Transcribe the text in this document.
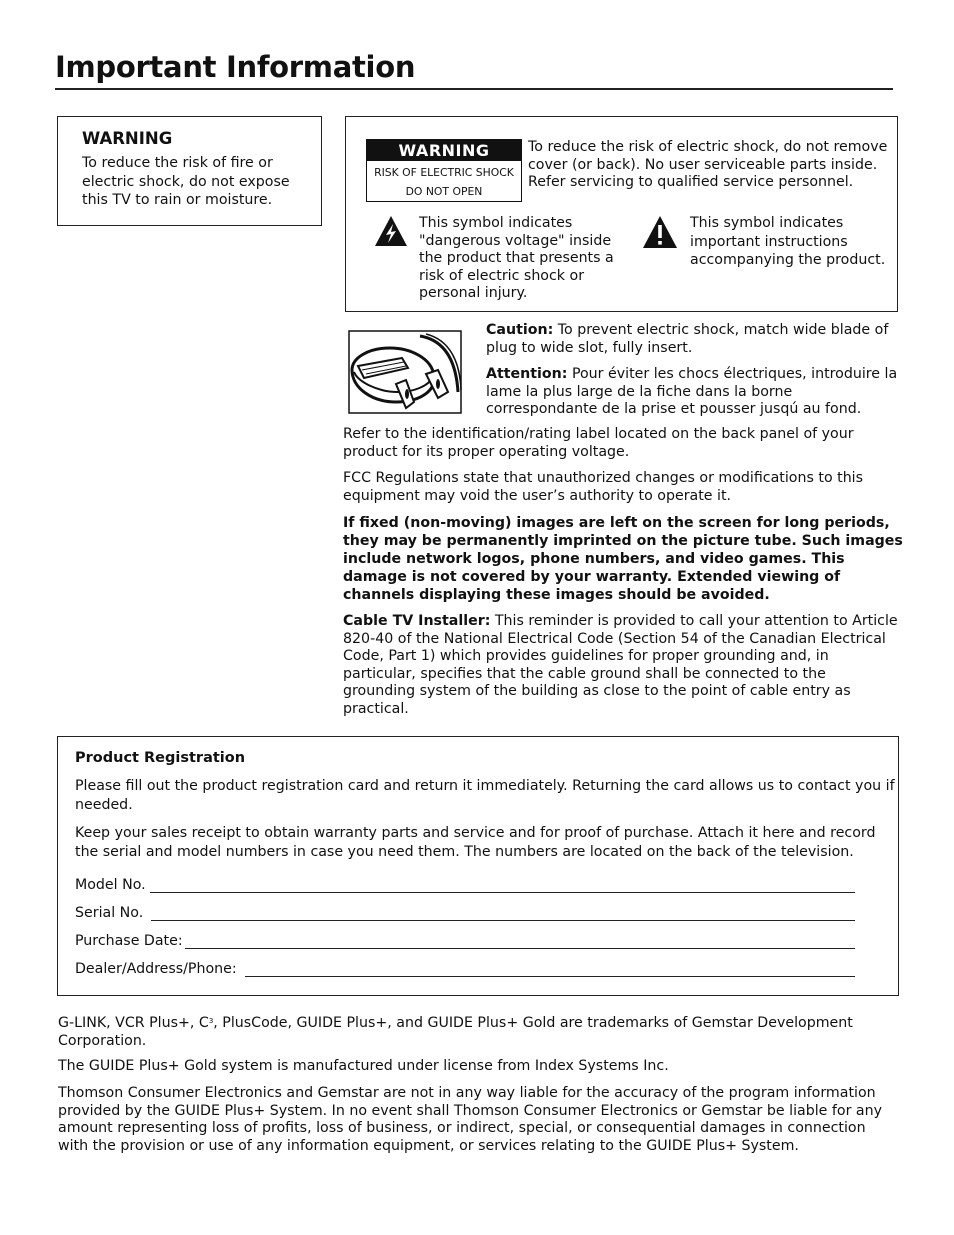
Important Information
WARNING
To reduce the risk of fire or electric shock, do not expose this TV to rain or moisture.
WARNING
RISK OF ELECTRIC SHOCK
DO NOT OPEN
To reduce the risk of electric shock, do not remove cover (or back). No user serviceable parts inside. Refer servicing to qualified service personnel.
This symbol indicates "dangerous voltage" inside the product that presents a risk of electric shock or personal injury.
This symbol indicates important instructions accompanying the product.
Caution: To prevent electric shock, match wide blade of plug to wide slot, fully insert.
Attention: Pour éviter les chocs électriques, introduire la lame la plus large de la fiche dans la borne correspondante de la prise et pousser jusqú au fond.
Refer to the identification/rating label located on the back panel of your product for its proper operating voltage.
FCC Regulations state that unauthorized changes or modifications to this equipment may void the user’s authority to operate it.
If fixed (non-moving) images are left on the screen for long periods, they may be permanently imprinted on the picture tube. Such images include network logos, phone numbers, and video games. This damage is not covered by your warranty. Extended viewing of channels displaying these images should be avoided.
Cable TV Installer: This reminder is provided to call your attention to Article 820-40 of the National Electrical Code (Section 54 of the Canadian Electrical Code, Part 1) which provides guidelines for proper grounding and, in particular, specifies that the cable ground shall be connected to the grounding system of the building as close to the point of cable entry as practical.
Product Registration
Please fill out the product registration card and return it immediately. Returning the card allows us to contact you if needed.
Keep your sales receipt to obtain warranty parts and service and for proof of purchase. Attach it here and record the serial and model numbers in case you need them. The numbers are located on the back of the television.
Model No.
Serial No.
Purchase Date:
Dealer/Address/Phone:
G-LINK, VCR Plus+, $C^3$, PlusCode, GUIDE Plus+, and GUIDE Plus+ Gold are trademarks of Gemstar Development Corporation.
The GUIDE Plus+ Gold system is manufactured under license from Index Systems Inc.
Thomson Consumer Electronics and Gemstar are not in any way liable for the accuracy of the program information provided by the GUIDE Plus+ System. In no event shall Thomson Consumer Electronics or Gemstar be liable for any amount representing loss of profits, loss of business, or indirect, special, or consequential damages in connection with the provision or use of any information equipment, or services relating to the GUIDE Plus+ System.
